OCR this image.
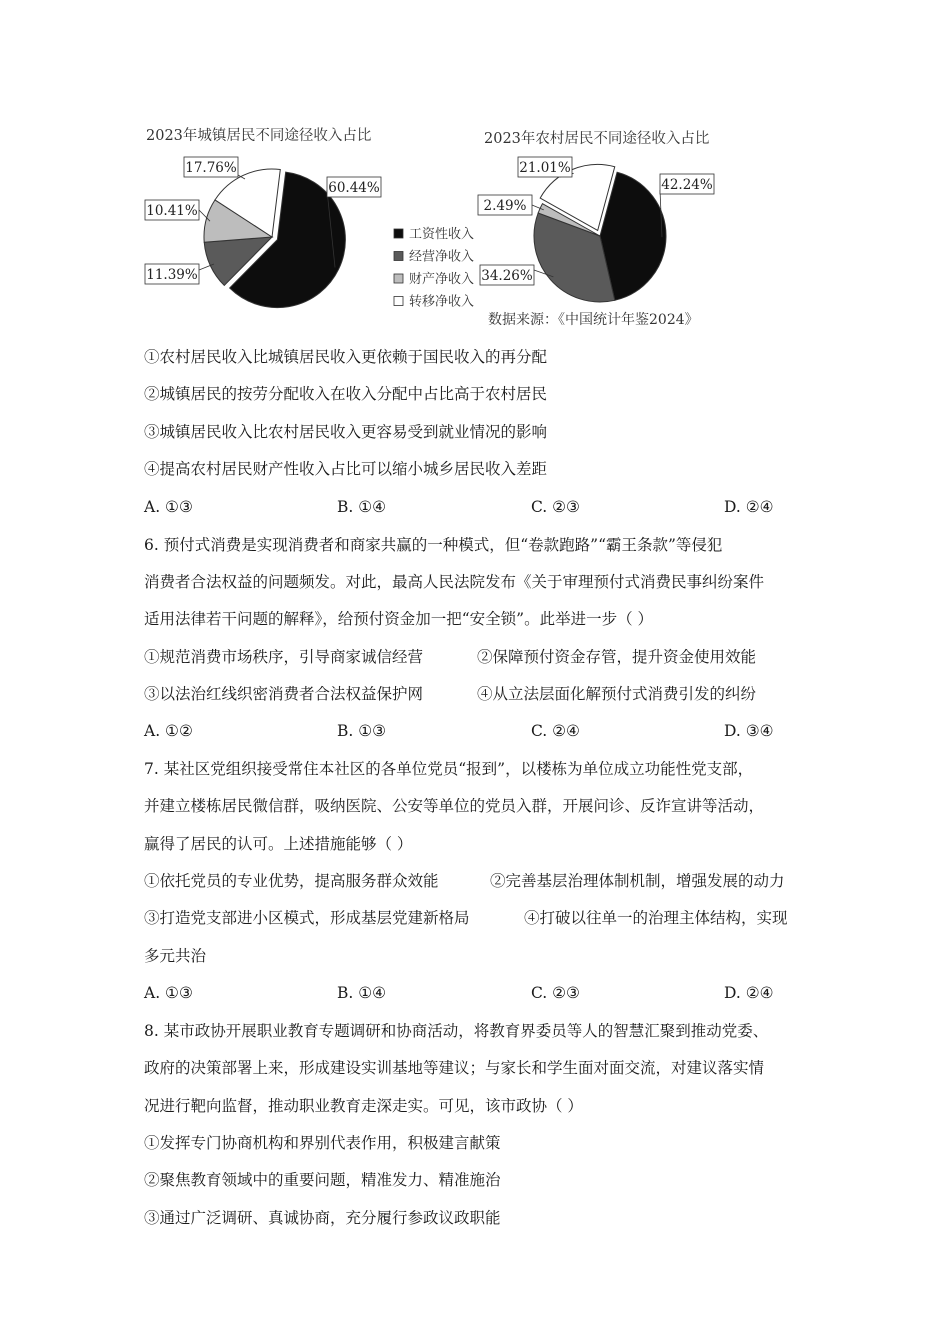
2023年城镇居民不同途径收入占比	2023年农村居民不同途径收入占比
60.44%
11.39%
10.41%
17.76%
42.24%
34.26%
2.49%
21.01%
工资性收入
经营净收入
财产净收入
转移净收入
数据来源：《中国统计年鉴2024》
①农村居民收入比城镇居民收入更依赖于国民收入的再分配
②城镇居民的按劳分配收入在收入分配中占比高于农村居民
③城镇居民收入比农村居民收入更容易受到就业情况的影响
④提高农村居民财产性收入占比可以缩小城乡居民收入差距
A. ①③	B. ①④	C. ②③	D. ②④
6. 预付式消费是实现消费者和商家共赢的一种模式，但“卷款跑路”“霸王条款”等侵犯
消费者合法权益的问题频发。对此，最高人民法院发布《关于审理预付式消费民事纠纷案件
适用法律若干问题的解释》，给预付资金加一把“安全锁”。此举进一步（ ）
①规范消费市场秩序，引导商家诚信经营	②保障预付资金存管，提升资金使用效能
③以法治红线织密消费者合法权益保护网	④从立法层面化解预付式消费引发的纠纷
A. ①②	B. ①③	C. ②④	D. ③④
7. 某社区党组织接受常住本社区的各单位党员“报到”，以楼栋为单位成立功能性党支部，
并建立楼栋居民微信群，吸纳医院、公安等单位的党员入群，开展问诊、反诈宣讲等活动，
赢得了居民的认可。上述措施能够（ ）
①依托党员的专业优势，提高服务群众效能	②完善基层治理体制机制，增强发展的动力
③打造党支部进小区模式，形成基层党建新格局	④打破以往单一的治理主体结构，实现
多元共治
A. ①③	B. ①④	C. ②③	D. ②④
8. 某市政协开展职业教育专题调研和协商活动，将教育界委员等人的智慧汇聚到推动党委、
政府的决策部署上来，形成建设实训基地等建议；与家长和学生面对面交流，对建议落实情
况进行靶向监督，推动职业教育走深走实。可见，该市政协（ ）
①发挥专门协商机构和界别代表作用，积极建言献策
②聚焦教育领域中的重要问题，精准发力、精准施治
③通过广泛调研、真诚协商，充分履行参政议政职能
